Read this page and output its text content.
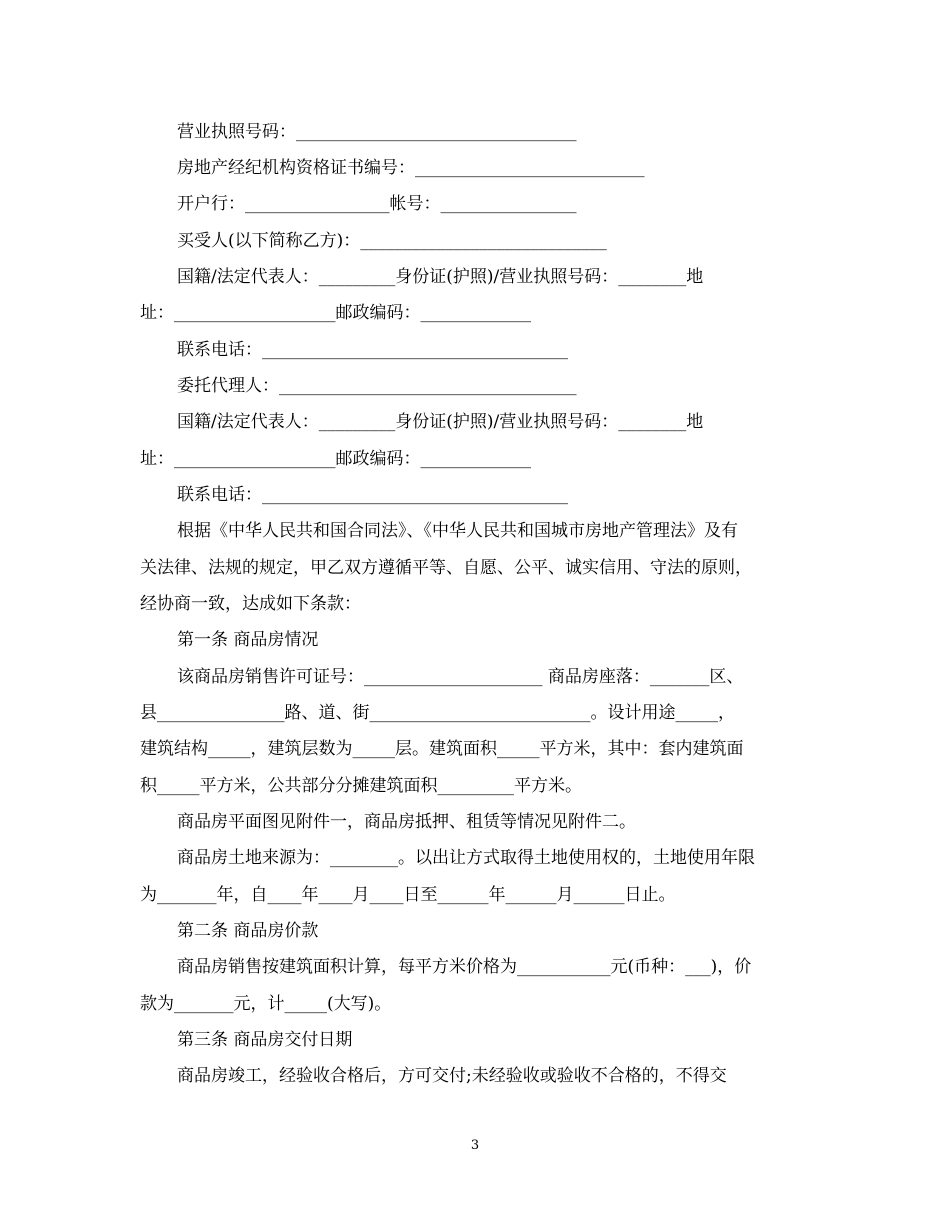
营业执照号码：_________________________________
房地产经纪机构资格证书编号：___________________________
开户行：_________________帐号：________________
买受人(以下简称乙方)：_____________________________
国籍/法定代表人：_________身份证(护照)/营业执照号码：________地
址：___________________邮政编码：_____________
联系电话：____________________________________
委托代理人：___________________________________
国籍/法定代表人：_________身份证(护照)/营业执照号码：________地
址：___________________邮政编码：_____________
联系电话：____________________________________
根据《中华人民共和国合同法》、《中华人民共和国城市房地产管理法》及有
关法律、法规的规定，甲乙双方遵循平等、自愿、公平、诚实信用、守法的原则，
经协商一致，达成如下条款：
第一条 商品房情况
该商品房销售许可证号：_____________________ 商品房座落：_______区、
县_______________路、道、街__________________________。设计用途_____，
建筑结构_____，建筑层数为_____层。建筑面积_____平方米，其中：套内建筑面
积_____平方米，公共部分分摊建筑面积_________平方米。
商品房平面图见附件一，商品房抵押、租赁等情况见附件二。
商品房土地来源为：________。以出让方式取得土地使用权的，土地使用年限
为_______年，自____年____月____日至______年______月______日止。
第二条 商品房价款
商品房销售按建筑面积计算，每平方米价格为___________元(币种：___)，价
款为_______元，计_____(大写)。
第三条 商品房交付日期
商品房竣工，经验收合格后，方可交付;未经验收或验收不合格的，不得交
3
